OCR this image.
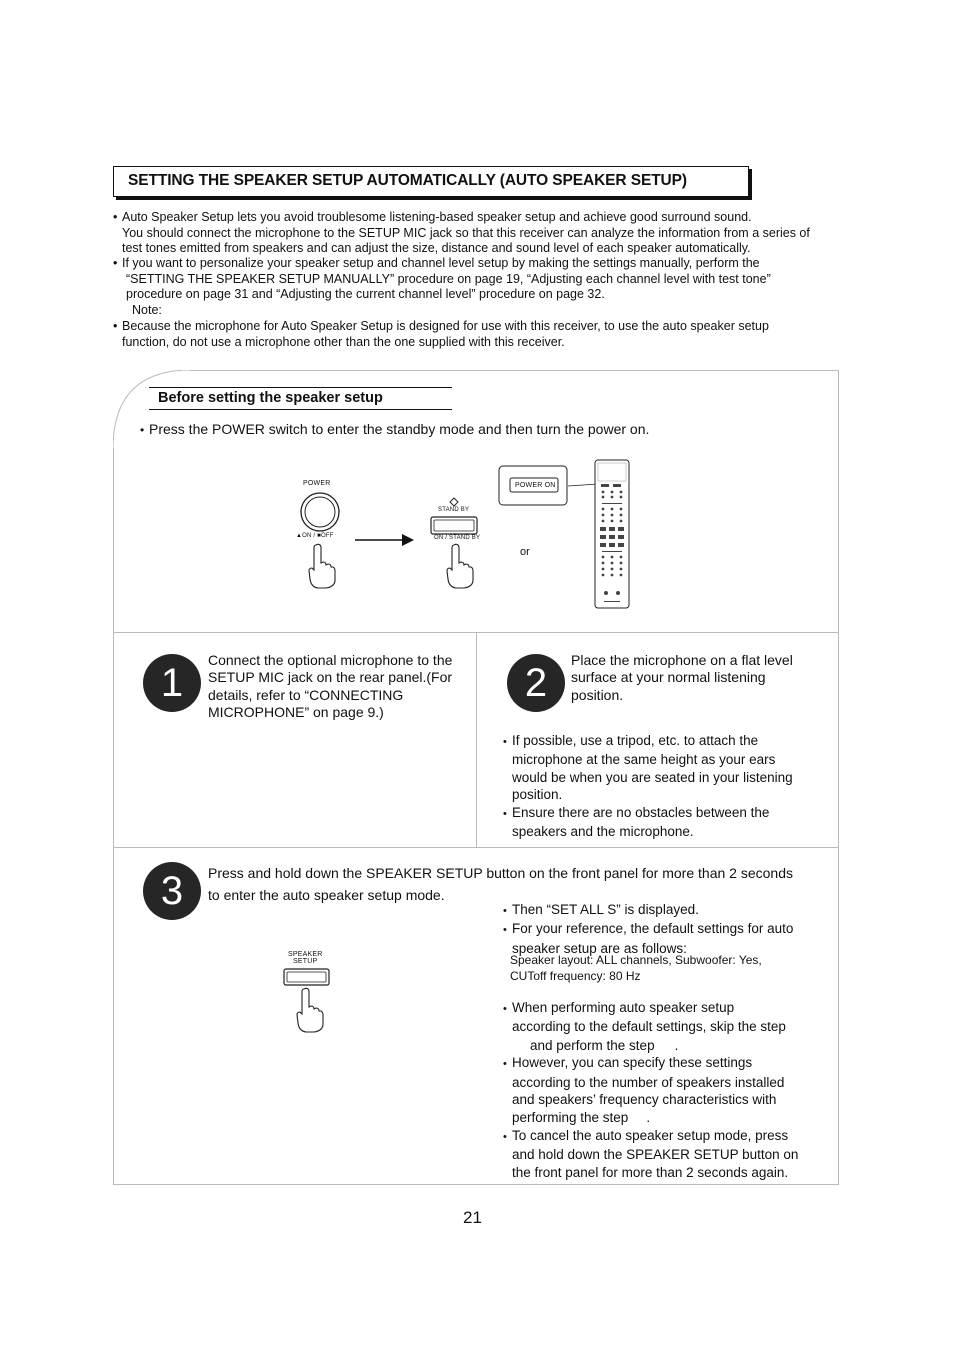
SETTING THE SPEAKER SETUP AUTOMATICALLY (AUTO SPEAKER SETUP)
• Auto Speaker Setup lets you avoid troublesome listening-based speaker setup and achieve good surround sound.
You should connect the microphone to the SETUP MIC jack so that this receiver can analyze the information from a series of
test tones emitted from speakers and can adjust the size, distance and sound level of each speaker automatically.
• If you want to personalize your speaker setup and channel level setup by making the settings manually, perform the
“SETTING THE SPEAKER SETUP MANUALLY” procedure on page 19, “Adjusting each channel level with test tone”
procedure on page 31 and “Adjusting the current channel level” procedure on page 32.
Note:
• Because the microphone for Auto Speaker Setup is designed for use with this receiver, to use the auto speaker setup
function, do not use a microphone other than the one supplied with this receiver.
Before setting the speaker setup
• Press the POWER switch to enter the standby mode and then turn the power on.
POWER
▲ON / ■OFF
STAND BY
ON / STAND BY
POWER ON
or
1
Connect the optional microphone to the
SETUP MIC jack on the rear panel.(For
details, refer to “CONNECTING
MICROPHONE” on page 9.)
2
Place the microphone on a flat level
surface at your normal listening
position.
• If possible, use a tripod, etc. to attach the
microphone at the same height as your ears
would be when you are seated in your listening
position.
• Ensure there are no obstacles between the
speakers and the microphone.
3	Press and hold down the SPEAKER SETUP button on the front panel for more than 2 seconds
to enter the auto speaker setup mode.
SPEAKER
SETUP
• Then “SET ALL S” is displayed.
• For your reference, the default settings for auto
speaker setup are as follows:
Speaker layout: ALL channels, Subwoofer: Yes,
CUToff frequency: 80 Hz
• When performing auto speaker setup
according to the default settings, skip the step
and perform the step .
• However, you can specify these settings
according to the number of speakers installed
and speakers’ frequency characteristics with
performing the step .
• To cancel the auto speaker setup mode, press
and hold down the SPEAKER SETUP button on
the front panel for more than 2 seconds again.
21
